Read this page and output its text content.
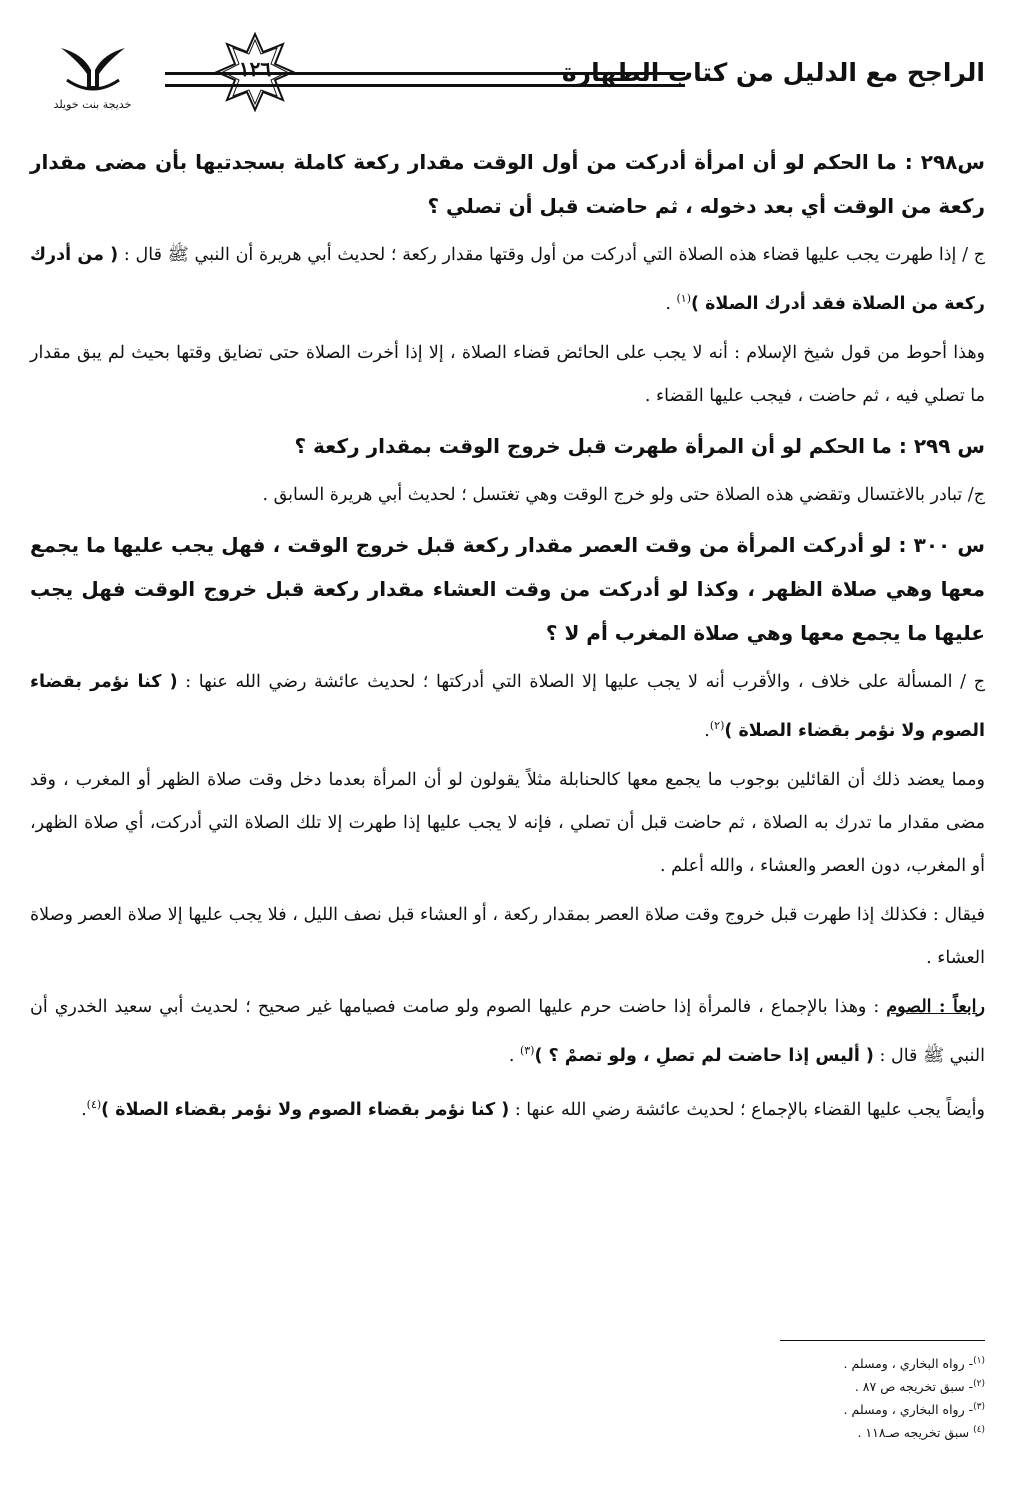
الراجح مع الدليل من كتاب الطهارة
١٢٦
خديجة بنت خويلد

س٢٩٨ : ما الحكم لو أن امرأة أدركت من أول الوقت مقدار ركعة كاملة بسجدتيها بأن مضى مقدار ركعة من الوقت أي بعد دخوله ، ثم حاضت قبل أن تصلي ؟

ج / إذا طهرت يجب عليها قضاء هذه الصلاة التي أدركت من أول وقتها مقدار ركعة ؛ لحديث أبي هريرة أن النبي ﷺ قال : ( من أدرك ركعة من الصلاة فقد أدرك الصلاة )$^{(١)}$ .

وهذا أحوط من قول شيخ الإسلام : أنه لا يجب على الحائض قضاء الصلاة ، إلا إذا أخرت الصلاة حتى تضايق وقتها بحيث لم يبق مقدار ما تصلي فيه ، ثم حاضت ، فيجب عليها القضاء .

س ٢٩٩ : ما الحكم لو أن المرأة طهرت قبل خروج الوقت بمقدار ركعة ؟

ج/ تبادر بالاغتسال وتقضي هذه الصلاة حتى ولو خرج الوقت وهي تغتسل ؛ لحديث أبي هريرة السابق .

س ٣٠٠ : لو أدركت المرأة من وقت العصر مقدار ركعة قبل خروج الوقت ، فهل يجب عليها ما يجمع معها وهي صلاة الظهر ، وكذا لو أدركت من وقت العشاء مقدار ركعة قبل خروج الوقت فهل يجب عليها ما يجمع معها وهي صلاة المغرب أم لا ؟

ج / المسألة على خلاف ، والأقرب أنه لا يجب عليها إلا الصلاة التي أدركتها ؛ لحديث عائشة رضي الله عنها : ( كنا نؤمر بقضاء الصوم ولا نؤمر بقضاء الصلاة )$^{(٢)}$.

ومما يعضد ذلك أن القائلين بوجوب ما يجمع معها كالحنابلة مثلاً يقولون لو أن المرأة بعدما دخل وقت صلاة الظهر أو المغرب ، وقد مضى مقدار ما تدرك به الصلاة ، ثم حاضت قبل أن تصلي ، فإنه لا يجب عليها إذا طهرت إلا تلك الصلاة التي أدركت، أي صلاة الظهر، أو المغرب، دون العصر والعشاء ، والله أعلم .

فيقال : فكذلك إذا طهرت قبل خروج وقت صلاة العصر بمقدار ركعة ، أو العشاء قبل نصف الليل ، فلا يجب عليها إلا صلاة العصر وصلاة العشاء .

رابعاً : الصوم : وهذا بالإجماع ، فالمرأة إذا حاضت حرم عليها الصوم ولو صامت فصيامها غير صحيح ؛ لحديث أبي سعيد الخدري أن النبي ﷺ قال : ( أليس إذا حاضت لم تصلِ ، ولو تصمْ ؟ )$^{(٣)}$ .

وأيضاً يجب عليها القضاء بالإجماع ؛ لحديث عائشة رضي الله عنها : ( كنا نؤمر بقضاء الصوم ولا نؤمر بقضاء الصلاة )$^{(٤)}$.

$^{(١)}$- رواه البخاري ، ومسلم .
$^{(٢)}$- سبق تخريجه ص ٨٧ .
$^{(٣)}$- رواه البخاري ، ومسلم .
$^{(٤)}$ سبق تخريجه صـ١١٨ .
